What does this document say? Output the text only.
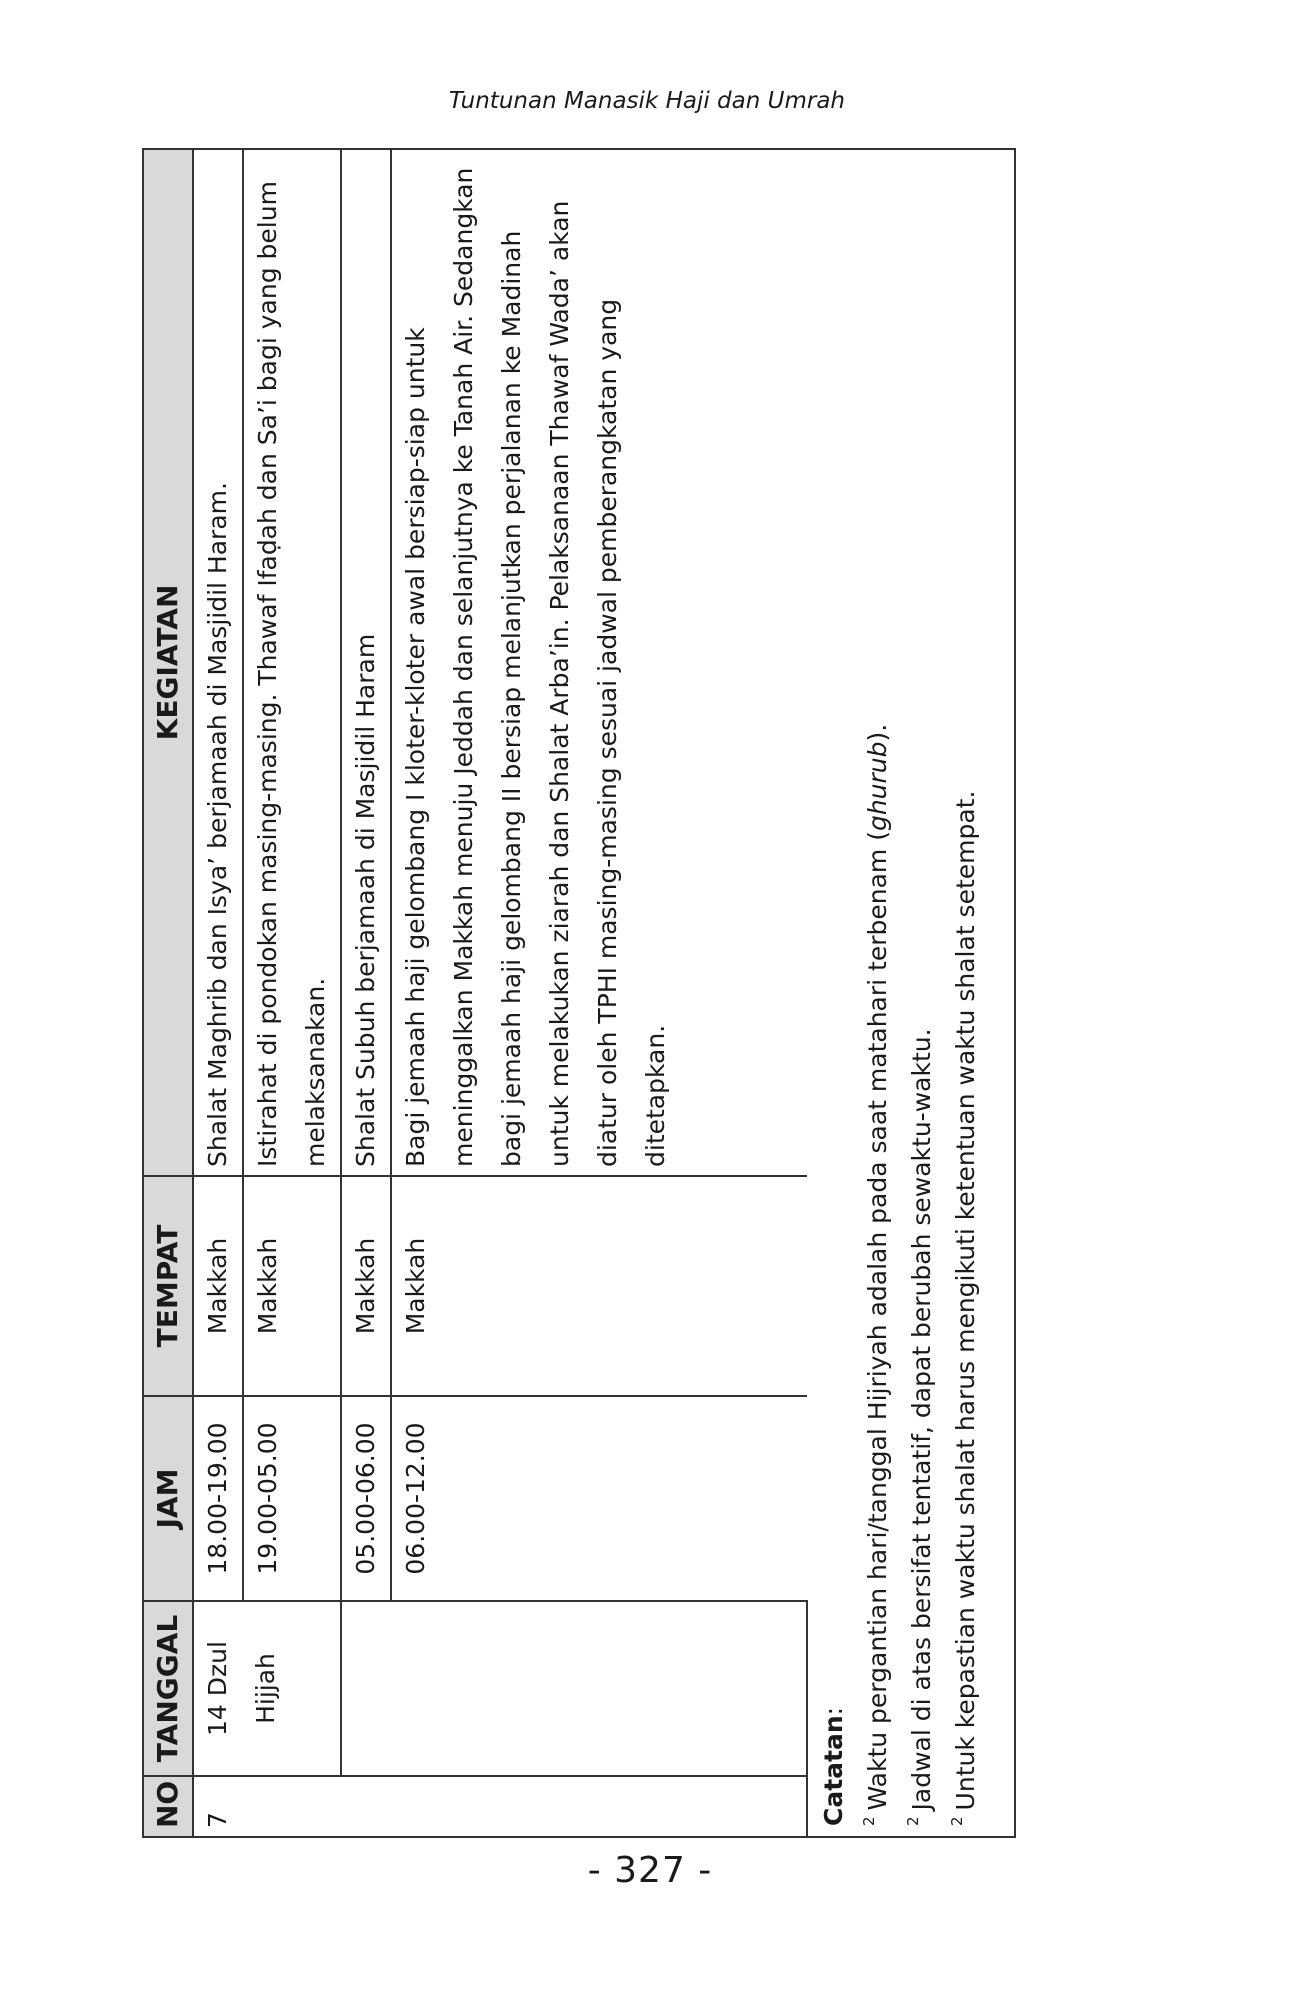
Tuntunan Manasik Haji dan Umrah
NO	TANGGAL	JAM	TEMPAT	KEGIATAN
7	14 Dzul Hijjah	18.00-19.00	Makkah	Shalat Maghrib dan Isya’ berjamaah di Masjidil Haram.
		19.00-05.00	Makkah	Istirahat di pondokan masing-masing. Thawaf Ifaḍah dan Sa’i bagi yang belum melaksanakan.
		05.00-06.00	Makkah	Shalat Subuh berjamaah di Masjidil Haram
		06.00-12.00	Makkah	Bagi jemaah haji gelombang I kloter-kloter awal bersiap-siap untuk meninggalkan Makkah menuju Jeddah dan selanjutnya ke Tanah Air. Sedangkan bagi jemaah haji gelombang II bersiap melanjutkan perjalanan ke Madinah untuk melakukan ziarah dan Shalat Arba’in. Pelaksanaan Thawaf Wada’ akan diatur oleh TPHI masing-masing sesuai jadwal pemberangkatan yang ditetapkan.

Catatan:

$^2$Waktu pergantian hari/tanggal Hijriyah adalah pada saat matahari terbenam (ghurub).

$^2$Jadwal di atas bersifat tentatif, dapat berubah sewaktu-waktu.

$^2$Untuk kepastian waktu shalat harus mengikuti ketentuan waktu shalat setempat.

- 327 -
